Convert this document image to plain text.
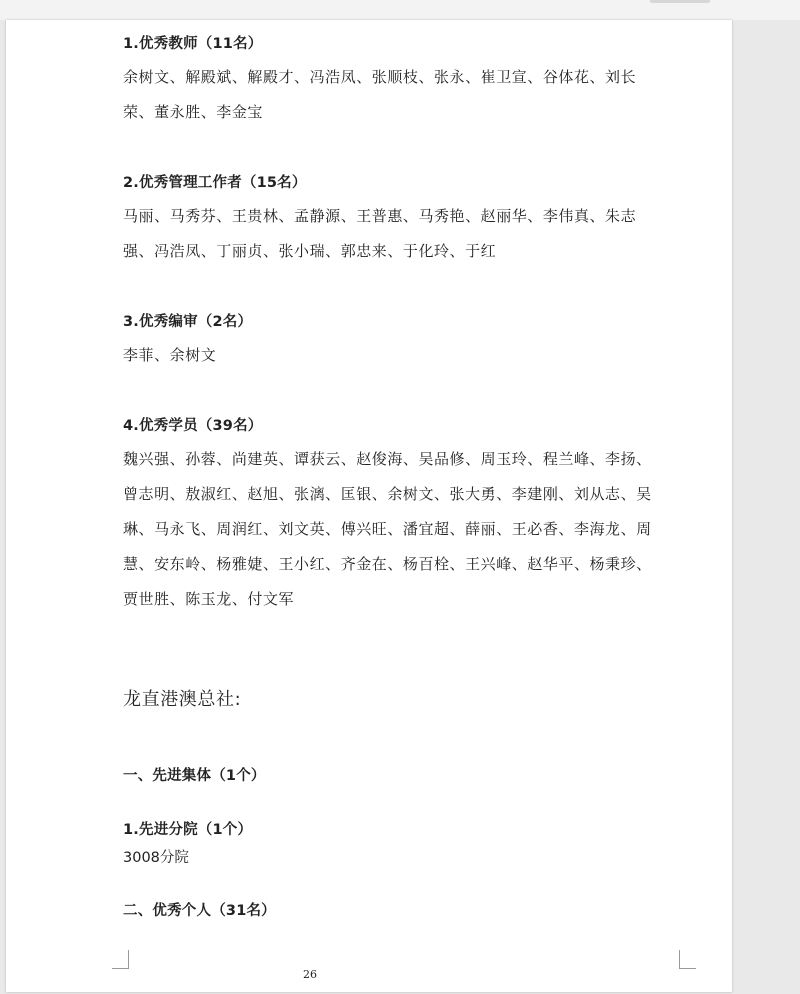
1.优秀教师（11名）
余树文、解殿斌、解殿才、冯浩凤、张顺枝、张永、崔卫宣、谷体花、刘长
荣、董永胜、李金宝
2.优秀管理工作者（15名）
马丽、马秀芬、王贵林、孟静源、王普惠、马秀艳、赵丽华、李伟真、朱志
强、冯浩凤、丁丽贞、张小瑞、郭忠来、于化玲、于红
3.优秀编审（2名）
李菲、余树文
4.优秀学员（39名）
魏兴强、孙蓉、尚建英、谭获云、赵俊海、吴品修、周玉玲、程兰峰、李扬、
曾志明、敖淑红、赵旭、张漓、匡银、余树文、张大勇、李建刚、刘从志、吴
琳、马永飞、周润红、刘文英、傅兴旺、潘宜超、薛丽、王必香、李海龙、周
慧、安东岭、杨雅婕、王小红、齐金在、杨百栓、王兴峰、赵华平、杨秉珍、
贾世胜、陈玉龙、付文军
龙直港澳总社:
一、先进集体（1个）
1.先进分院（1个）
3008分院
二、优秀个人（31名）
26
